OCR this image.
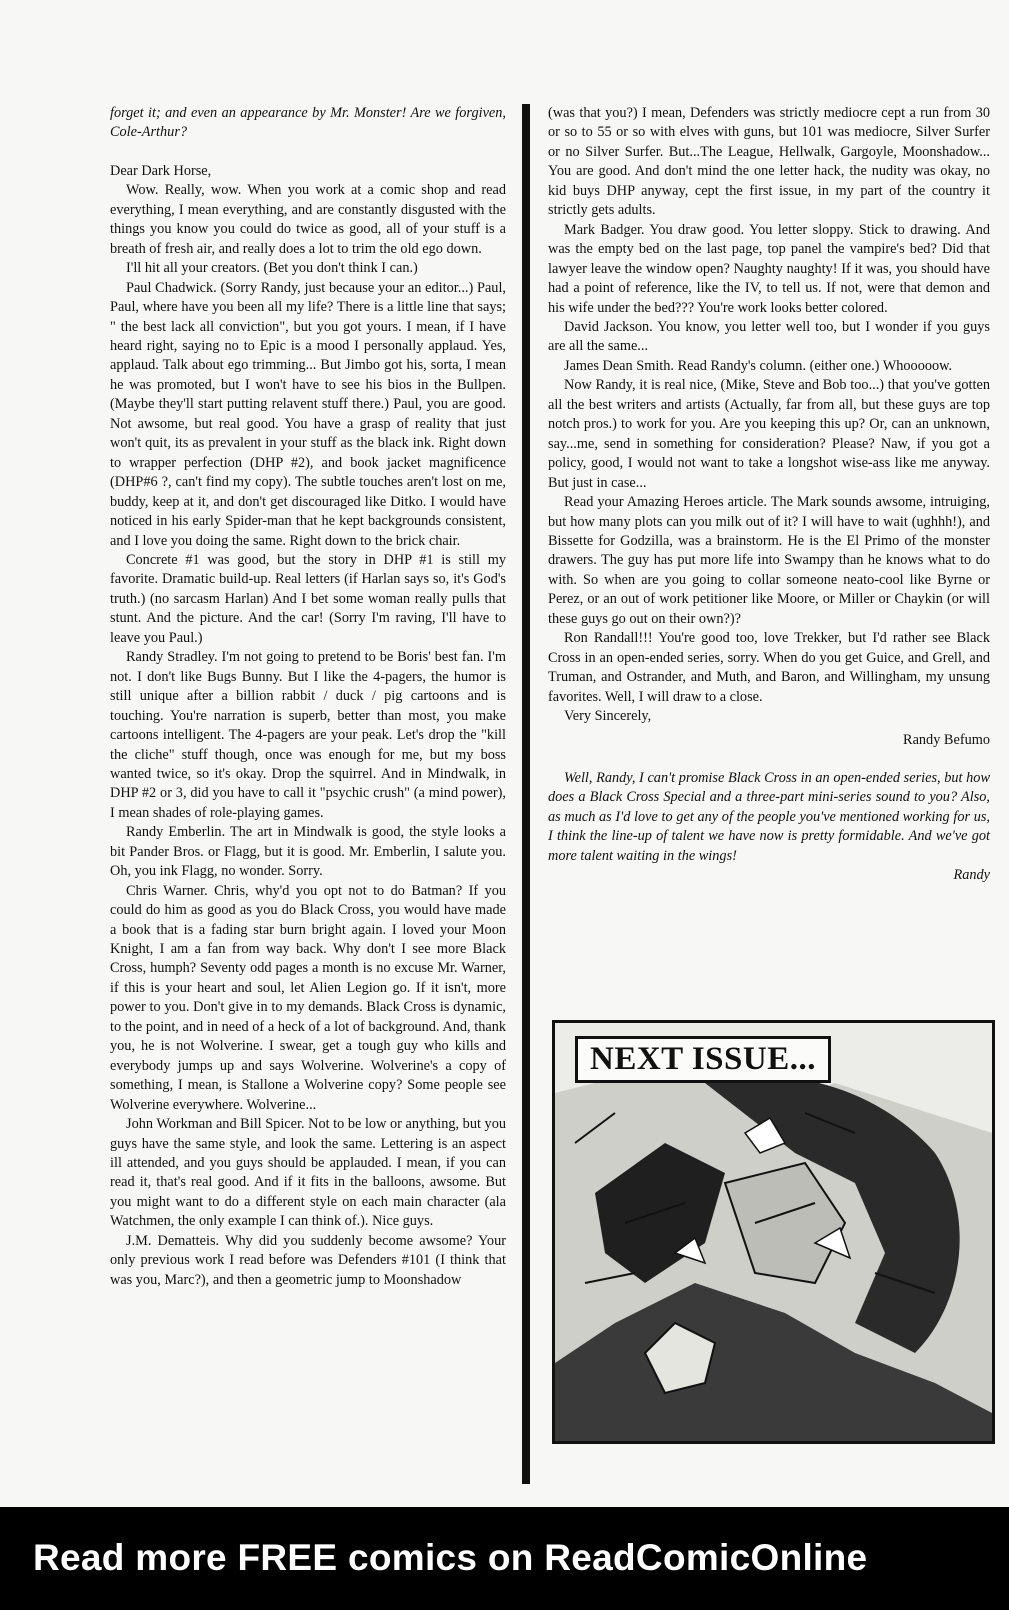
forget it; and even an appearance by Mr. Monster! Are we forgiven, Cole-Arthur?

Dear Dark Horse,

Wow. Really, wow. When you work at a comic shop and read everything, I mean everything, and are constantly disgusted with the things you know you could do twice as good, all of your stuff is a breath of fresh air, and really does a lot to trim the old ego down.

I'll hit all your creators. (Bet you don't think I can.)

Paul Chadwick. (Sorry Randy, just because your an editor...) Paul, Paul, where have you been all my life? There is a little line that says; " the best lack all conviction", but you got yours. I mean, if I have heard right, saying no to Epic is a mood I personally applaud. Yes, applaud. Talk about ego trimming... But Jimbo got his, sorta, I mean he was promoted, but I won't have to see his bios in the Bullpen. (Maybe they'll start putting relavent stuff there.) Paul, you are good. Not awsome, but real good. You have a grasp of reality that just won't quit, its as prevalent in your stuff as the black ink. Right down to wrapper perfection (DHP #2), and book jacket magnificence (DHP#6 ?, can't find my copy). The subtle touches aren't lost on me, buddy, keep at it, and don't get discouraged like Ditko. I would have noticed in his early Spider-man that he kept backgrounds consistent, and I love you doing the same. Right down to the brick chair.

Concrete #1 was good, but the story in DHP #1 is still my favorite. Dramatic build-up. Real letters (if Harlan says so, it's God's truth.) (no sarcasm Harlan) And I bet some woman really pulls that stunt. And the picture. And the car! (Sorry I'm raving, I'll have to leave you Paul.)

Randy Stradley. I'm not going to pretend to be Boris' best fan. I'm not. I don't like Bugs Bunny. But I like the 4-pagers, the humor is still unique after a billion rabbit / duck / pig cartoons and is touching. You're narration is superb, better than most, you make cartoons intelligent. The 4-pagers are your peak. Let's drop the "kill the cliche" stuff though, once was enough for me, but my boss wanted twice, so it's okay. Drop the squirrel. And in Mindwalk, in DHP #2 or 3, did you have to call it "psychic crush" (a mind power), I mean shades of role-playing games.

Randy Emberlin. The art in Mindwalk is good, the style looks a bit Pander Bros. or Flagg, but it is good. Mr. Emberlin, I salute you. Oh, you ink Flagg, no wonder. Sorry.

Chris Warner. Chris, why'd you opt not to do Batman? If you could do him as good as you do Black Cross, you would have made a book that is a fading star burn bright again. I loved your Moon Knight, I am a fan from way back. Why don't I see more Black Cross, humph? Seventy odd pages a month is no excuse Mr. Warner, if this is your heart and soul, let Alien Legion go. If it isn't, more power to you. Don't give in to my demands. Black Cross is dynamic, to the point, and in need of a heck of a lot of background. And, thank you, he is not Wolverine. I swear, get a tough guy who kills and everybody jumps up and says Wolverine. Wolverine's a copy of something, I mean, is Stallone a Wolverine copy? Some people see Wolverine everywhere. Wolverine...

John Workman and Bill Spicer. Not to be low or anything, but you guys have the same style, and look the same. Lettering is an aspect ill attended, and you guys should be applauded. I mean, if you can read it, that's real good. And if it fits in the balloons, awsome. But you might want to do a different style on each main character (ala Watchmen, the only example I can think of.). Nice guys.

J.M. Dematteis. Why did you suddenly become awsome? Your only previous work I read before was Defenders #101 (I think that was you, Marc?), and then a geometric jump to Moonshadow

(was that you?) I mean, Defenders was strictly mediocre cept a run from 30 or so to 55 or so with elves with guns, but 101 was mediocre, Silver Surfer or no Silver Surfer. But...The League, Hellwalk, Gargoyle, Moonshadow... You are good. And don't mind the one letter hack, the nudity was okay, no kid buys DHP anyway, cept the first issue, in my part of the country it strictly gets adults.

Mark Badger. You draw good. You letter sloppy. Stick to drawing. And was the empty bed on the last page, top panel the vampire's bed? Did that lawyer leave the window open? Naughty naughty! If it was, you should have had a point of reference, like the IV, to tell us. If not, were that demon and his wife under the bed??? You're work looks better colored.

David Jackson. You know, you letter well too, but I wonder if you guys are all the same...

James Dean Smith. Read Randy's column. (either one.) Whooooow.

Now Randy, it is real nice, (Mike, Steve and Bob too...) that you've gotten all the best writers and artists (Actually, far from all, but these guys are top notch pros.) to work for you. Are you keeping this up? Or, can an unknown, say...me, send in something for consideration? Please? Naw, if you got a policy, good, I would not want to take a longshot wise-ass like me anyway. But just in case...

Read your Amazing Heroes article. The Mark sounds awsome, intruiging, but how many plots can you milk out of it? I will have to wait (ughhh!), and Bissette for Godzilla, was a brainstorm. He is the El Primo of the monster drawers. The guy has put more life into Swampy than he knows what to do with. So when are you going to collar someone neato-cool like Byrne or Perez, or an out of work petitioner like Moore, or Miller or Chaykin (or will these guys go out on their own?)?

Ron Randall!!! You're good too, love Trekker, but I'd rather see Black Cross in an open-ended series, sorry. When do you get Guice, and Grell, and Truman, and Ostrander, and Muth, and Baron, and Willingham, my unsung favorites. Well, I will draw to a close.

Very Sincerely,

Randy Befumo

Well, Randy, I can't promise Black Cross in an open-ended series, but how does a Black Cross Special and a three-part mini-series sound to you? Also, as much as I'd love to get any of the people you've mentioned working for us, I think the line-up of talent we have now is pretty formidable. And we've got more talent waiting in the wings!

Randy

NEXT ISSUE...
Read more FREE comics on ReadComicOnline
